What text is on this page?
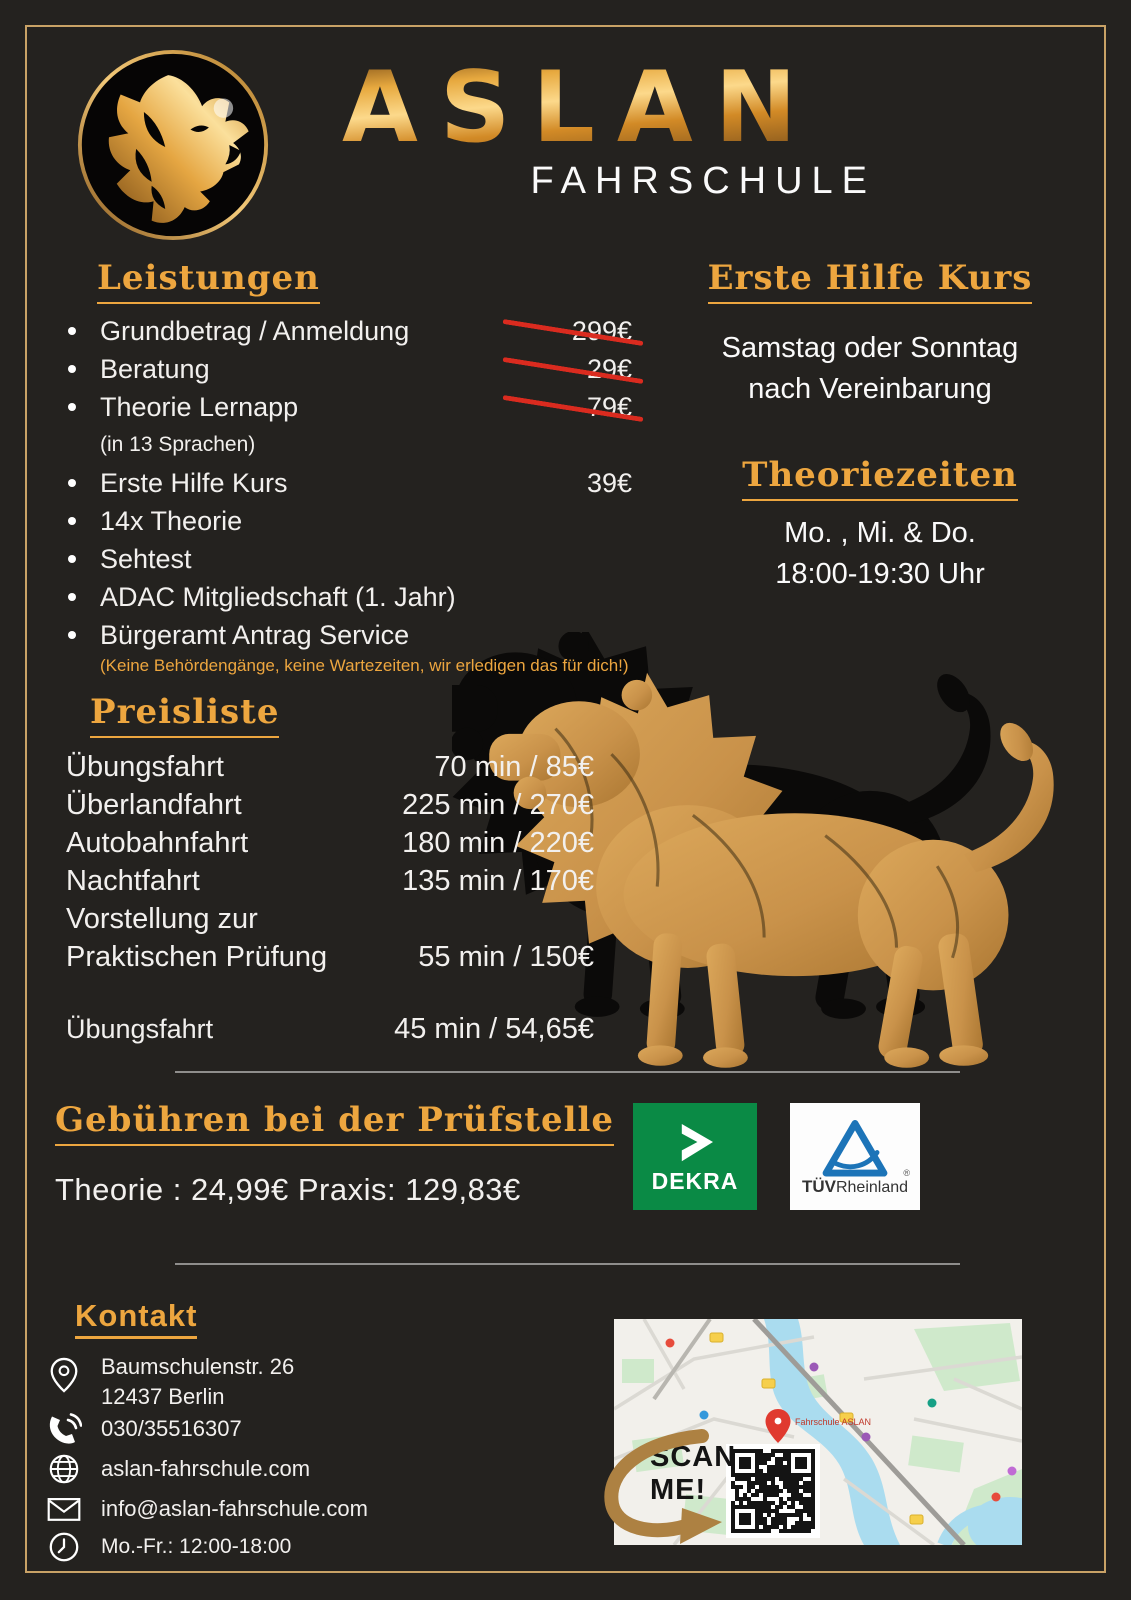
ASLAN
FAHRSCHULE
Leistungen
Grundbetrag / Anmeldung	299€
Beratung	29€
Theorie Lernapp	79€
(in 13 Sprachen)
Erste Hilfe Kurs	39€
14x Theorie
Sehtest
ADAC Mitgliedschaft (1. Jahr)
Bürgeramt Antrag Service
(Keine Behördengänge, keine Wartezeiten, wir erledigen das für dich!)
Erste Hilfe Kurs
Samstag oder Sonntag
nach Vereinbarung
Theoriezeiten
Mo. , Mi. & Do.
18:00-19:30 Uhr
Preisliste
Übungsfahrt	70 min / 85€
Überlandfahrt	225 min / 270€
Autobahnfahrt	180 min / 220€
Nachtfahrt	135 min / 170€
Vorstellung zur
Praktischen Prüfung	55 min / 150€
Übungsfahrt	45 min / 54,65€
Gebühren bei der Prüfstelle
Theorie : 24,99€ Praxis: 129,83€	DEKRA	TÜVRheinland
®
Kontakt
Baumschulenstr. 26
12437 Berlin
030/35516307
aslan-fahrschule.com
info@aslan-fahrschule.com
Mo.-Fr.: 12:00-18:00
Fahrschule ASLAN
SCAN
ME!
